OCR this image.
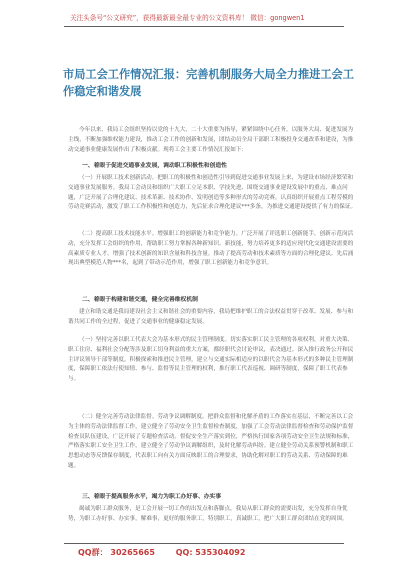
关注头条号“公文研究”，获得最新最全最专业的公文资料库！ 微信：gongwen1
市局工会工作情况汇报：完善机制服务大局全力推进工会工作稳定和谐发展

今年以来，我局工会组织坚持以党的十九大、二十大重要为指导，紧紧围绕中心任务，以服务大局、促进发展为主线，不断加强维权能力建设，推动工会工作的创新和发展，团结动员全局干部职工积极投身交通改革和建设，为推动交通事业健康发展作出了积极贡献。现将工会主要工作情况汇报如下：

一、着眼于促进交通事业发展，调动职工积极性和创造性

（一）开展职工技术创新活动。把职工的积极性和创造性引导到促进交通事业发展上来，为建设市场经济繁荣和交通事业发展服务。我局工会动员和组织广大职工立足本职、学技先进、围绕交通事业建设发展中的重点、难点问题，广泛开展了合理化建议、技术革新、技术协作、发明创造等多种形式的劳动竞赛，认真组织开展重点工程劳模的劳动竞赛活动，激发了职工工作积极性和创造力，先后征求合理化建议***多条，为推进交通建设提供了有力的保证。

（二）提高职工技术技能水平。增强职工的创新能力和竞争能力。广泛开展了评选职工创新能手，创新示范岗活动，充分发挥工会组织的作用，帮助职工努力掌握各种新知识、新技能，努力培养更多的适应现代化交通建设需要的高素质专业人才，增强了技术创新的知识含量和科技含量。推动了提高劳动和技术素质等方面的合理化建议。先后涌现出典型模范人物***名，起到了带动示范作用，增强了职工创新能力和竞争意识。

二、着眼于构建和谐交通，健全完善维权机制

建立和谐交通是我局建设社会主义和谐社会的重要内容，我局把维护职工的合法权益贯穿于改革、发展、参与和谐共同工作的全过程，促进了交通事业的健康稳定发展。

（一）坚持完善以职工代表大会为基本形式的民主管理制度。切实落实职工民主管理的各项权利，对重大决策、职工住房、福利社会分配等涉及职工切身利益的重大方案，都经职代会讨论审议，表决通过。深入推行政务公开和民主评议领导干部等制度，积极探索和推进民主管理，建立与交通实际相适应的以职代会为基本形式的多种民主管理制度，保障职工依法行使知情、参与、监督等民主管理的权利，推行职工代表巡视、调研等制度，保障了职工代表参与。

（二）健全完善劳动法律监督。劳动争议调解制度。把群众监督和化解矛盾的工作落实在基层，不断完善以工会为主体的劳动法律监督工作，建立健全了劳动安全卫生监督检查制度，加强了工会劳动法律监督检查和劳动保护监督检查员队伍建设，广泛开展了专题检查活动。督促安全生产落实到位，严格执行国家各项劳动安全卫生法规和标准，严格落实职工安全卫生工作，建立健全了劳动争议调解组织，及时化解劳动纠纷。建立健全劳动关系预警机制和职工思想动态等反馈保存制度，代表职工向有关方面反映职工的合理要求，协助化解对职工的劳动关系、劳动保障的难题。

三、着眼于提高服务水平，竭力为职工办好事、办实事

竭诚为职工群众服务，是工会开展一切工作的出发点和落脚点。我局从职工群众的需要出发，充分发挥自身优势，为职工办好事、办实事，解难事，更好的服务职工，特别职工，真诚职工，把广大职工群众团结在党的周围。

QQ群： 30265665	QQ: 535304092
